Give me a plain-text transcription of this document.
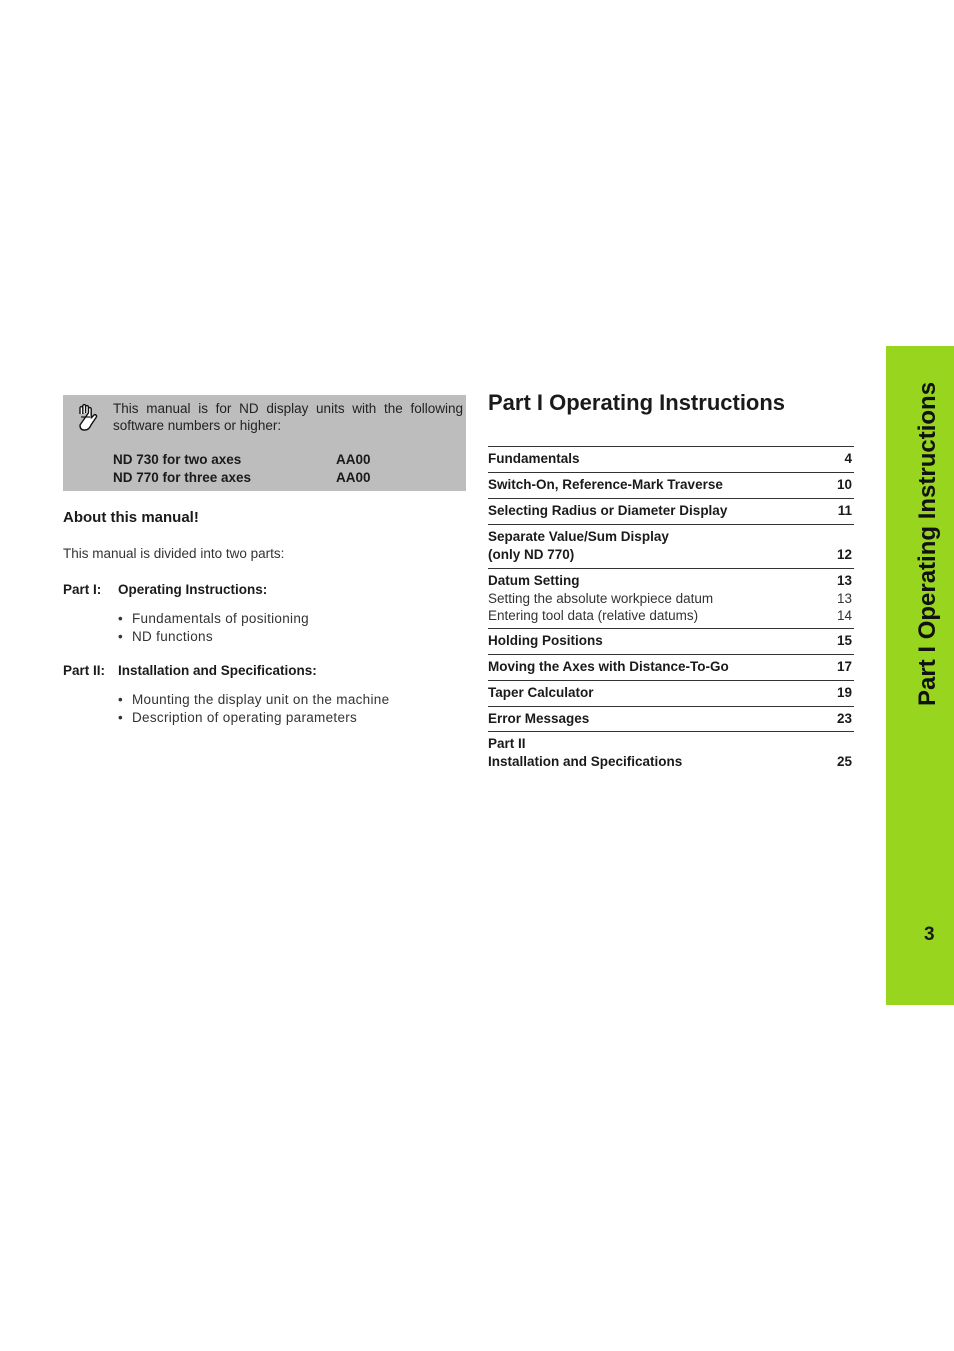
This manual is for ND display units with the following software numbers or higher:
ND 730 for two axes	AA00
ND 770 for three axes	AA00
About this manual!
This manual is divided into two parts:
Part I: Operating Instructions:
• Fundamentals of positioning
• ND functions
Part II: Installation and Specifications:
• Mounting the display unit on the machine
• Description of operating parameters
Part I Operating Instructions
Fundamentals	4
Switch-On, Reference-Mark Traverse	10
Selecting Radius or Diameter Display	11
Separate Value/Sum Display
(only ND 770)	12
Datum Setting	13
Setting the absolute workpiece datum	13
Entering tool data (relative datums)	14
Holding Positions	15
Moving the Axes with Distance-To-Go	17
Taper Calculator	19
Error Messages	23
Part II
Installation and Specifications	25
Part I Operating Instructions
3
